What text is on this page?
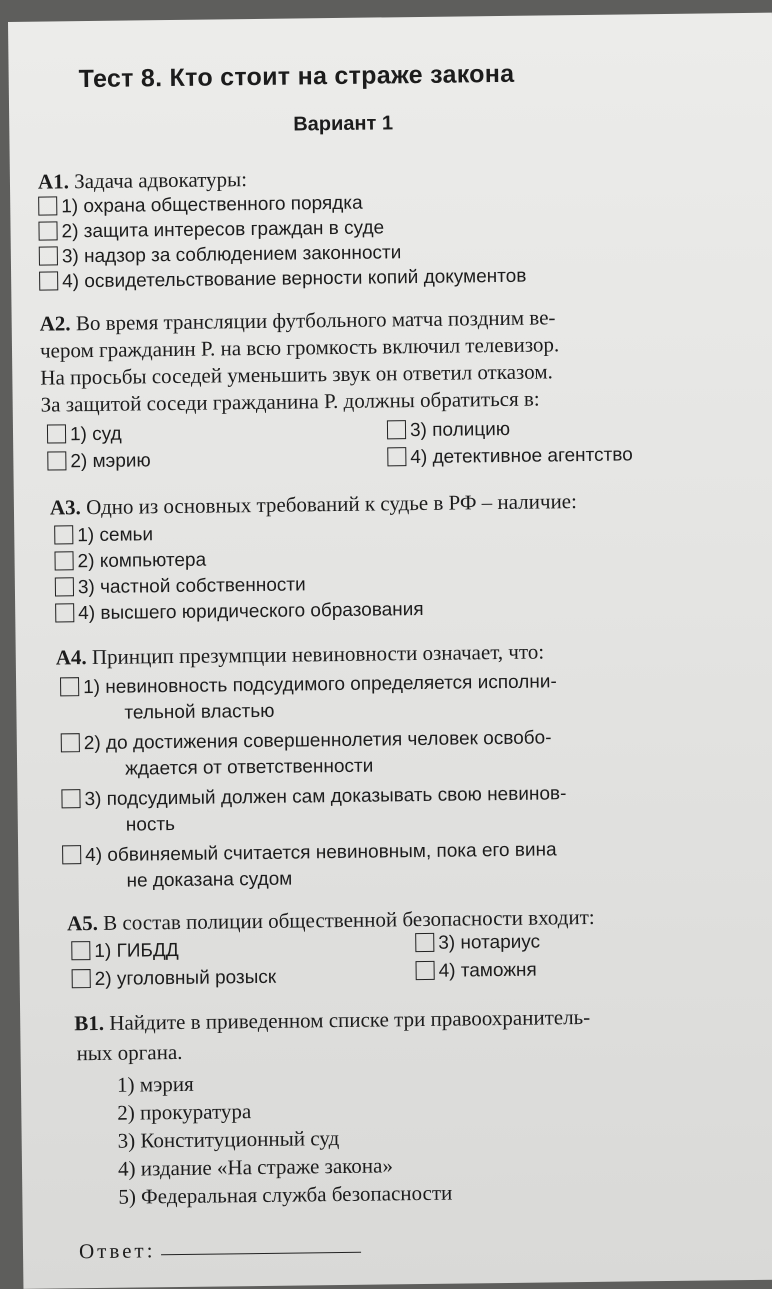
Тест 8. Кто стоит на страже закона
Вариант 1
А1. Задача адвокатуры:
1) охрана общественного порядка
2) защита интересов граждан в суде
3) надзор за соблюдением законности
4) освидетельствование верности копий документов
А2. Во время трансляции футбольного матча поздним ве-
чером гражданин Р. на всю громкость включил телевизор.
На просьбы соседей уменьшить звук он ответил отказом.
За защитой соседи гражданина Р. должны обратиться в:
1) суд
2) мэрию
3) полицию
4) детективное агентство
А3. Одно из основных требований к судье в РФ – наличие:
1) семьи
2) компьютера
3) частной собственности
4) высшего юридического образования
А4. Принцип презумпции невиновности означает, что:
1) невиновность подсудимого определяется исполни-
тельной властью
2) до достижения совершеннолетия человек освобо-
ждается от ответственности
3) подсудимый должен сам доказывать свою невинов-
ность
4) обвиняемый считается невиновным, пока его вина
не доказана судом
А5. В состав полиции общественной безопасности входит:
1) ГИБДД
2) уголовный розыск
3) нотариус
4) таможня
В1. Найдите в приведенном списке три правоохранитель-
ных органа.
1) мэрия
2) прокуратура
3) Конституционный суд
4) издание «На страже закона»
5) Федеральная служба безопасности
Ответ:
